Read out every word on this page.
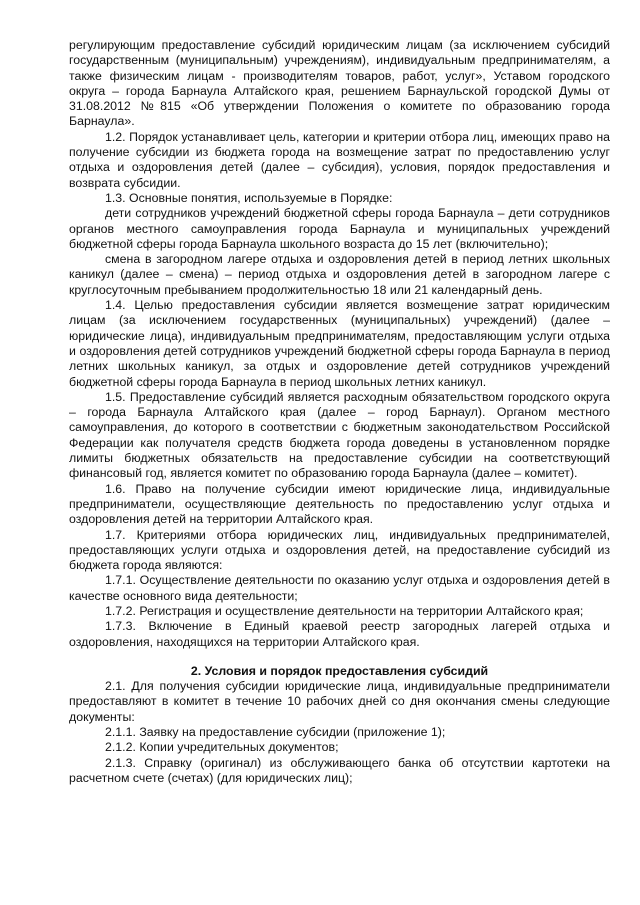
регулирующим предоставление субсидий юридическим лицам (за исключением субсидий государственным (муниципальным) учреждениям), индивидуальным предпринимателям, а также физическим лицам - производителям товаров, работ, услуг», Уставом городского округа – города Барнаула Алтайского края, решением Барнаульской городской Думы от 31.08.2012 №815 «Об утверждении Положения о комитете по образованию города Барнаула».

1.2. Порядок устанавливает цель, категории и критерии отбора лиц, имеющих право на получение субсидии из бюджета города на возмещение затрат по предоставлению услуг отдыха и оздоровления детей (далее – субсидия), условия, порядок предоставления и возврата субсидии.

1.3. Основные понятия, используемые в Порядке:

дети сотрудников учреждений бюджетной сферы города Барнаула – дети сотрудников органов местного самоуправления города Барнаула и муниципальных учреждений бюджетной сферы города Барнаула школьного возраста до 15 лет (включительно);

смена в загородном лагере отдыха и оздоровления детей в период летних школьных каникул (далее – смена) – период отдыха и оздоровления детей в загородном лагере с круглосуточным пребыванием продолжительностью 18 или 21 календарный день.

1.4. Целью предоставления субсидии является возмещение затрат юридическим лицам (за исключением государственных (муниципальных) учреждений) (далее – юридические лица), индивидуальным предпринимателям, предоставляющим услуги отдыха и оздоровления детей сотрудников учреждений бюджетной сферы города Барнаула в период летних школьных каникул, за отдых и оздоровление детей сотрудников учреждений бюджетной сферы города Барнаула в период школьных летних каникул.

1.5. Предоставление субсидий является расходным обязательством городского округа – города Барнаула Алтайского края (далее – город Барнаул). Органом местного самоуправления, до которого в соответствии с бюджетным законодательством Российской Федерации как получателя средств бюджета города доведены в установленном порядке лимиты бюджетных обязательств на предоставление субсидии на соответствующий финансовый год, является комитет по образованию города Барнаула (далее – комитет).

1.6. Право на получение субсидии имеют юридические лица, индивидуальные предприниматели, осуществляющие деятельность по предоставлению услуг отдыха и оздоровления детей на территории Алтайского края.

1.7. Критериями отбора юридических лиц, индивидуальных предпринимателей, предоставляющих услуги отдыха и оздоровления детей, на предоставление субсидий из бюджета города являются:

1.7.1. Осуществление деятельности по оказанию услуг отдыха и оздоровления детей в качестве основного вида деятельности;

1.7.2. Регистрация и осуществление деятельности на территории Алтайского края;

1.7.3. Включение в Единый краевой реестр загородных лагерей отдыха и оздоровления, находящихся на территории Алтайского края.

2. Условия и порядок предоставления субсидий

2.1. Для получения субсидии юридические лица, индивидуальные предприниматели предоставляют в комитет в течение 10 рабочих дней со дня окончания смены следующие документы:

2.1.1. Заявку на предоставление субсидии (приложение 1);

2.1.2. Копии учредительных документов;

2.1.3. Справку (оригинал) из обслуживающего банка об отсутствии картотеки на расчетном счете (счетах) (для юридических лиц);
